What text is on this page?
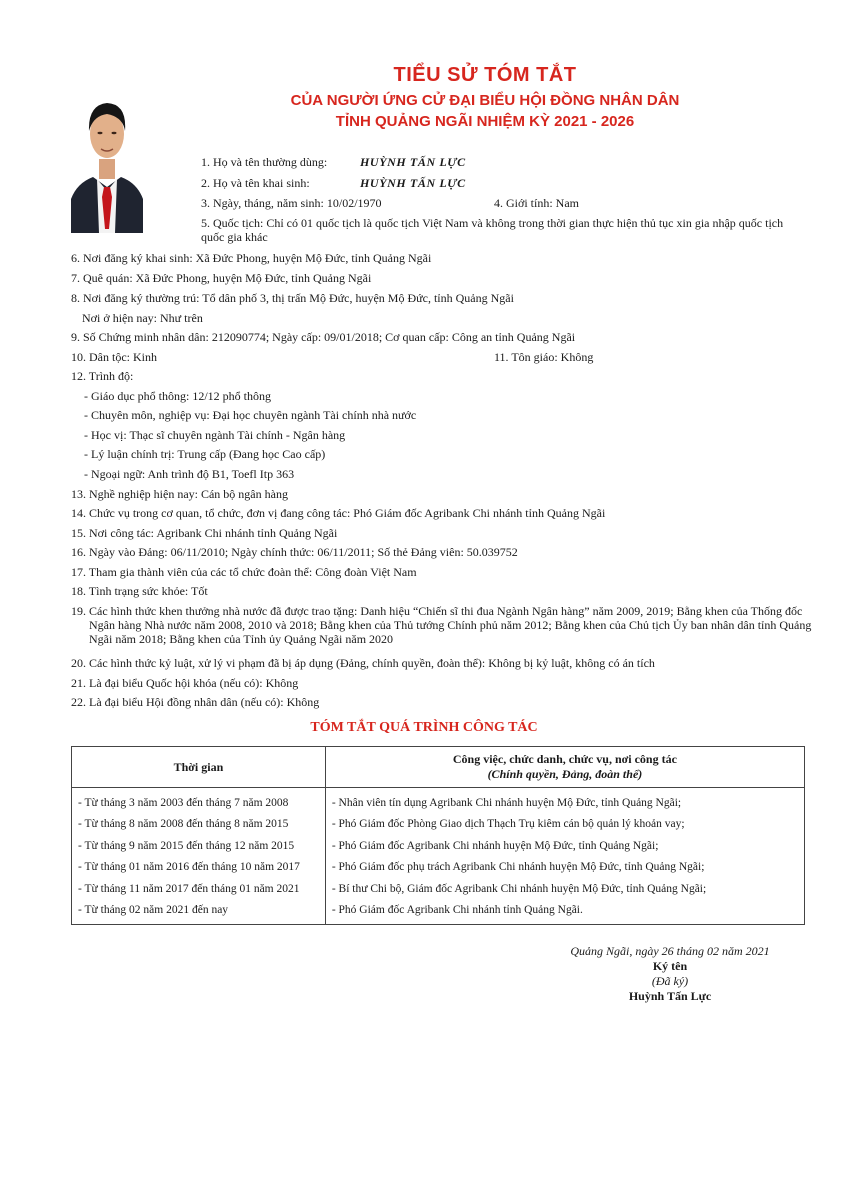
TIỂU SỬ TÓM TẮT
CỦA NGƯỜI ỨNG CỬ ĐẠI BIỂU HỘI ĐỒNG NHÂN DÂN
TỈNH QUẢNG NGÃI NHIỆM KỲ 2021 - 2026
1. Họ và tên thường dùng:	HUỲNH TẤN LỰC
2. Họ và tên khai sinh:	HUỲNH TẤN LỰC
3. Ngày, tháng, năm sinh: 10/02/1970	4. Giới tính: Nam
5. Quốc tịch: Chỉ có 01 quốc tịch là quốc tịch Việt Nam và không trong thời gian thực hiện thủ tục xin gia nhập quốc tịch quốc gia khác
6. Nơi đăng ký khai sinh: Xã Đức Phong, huyện Mộ Đức, tỉnh Quảng Ngãi
7. Quê quán: Xã Đức Phong, huyện Mộ Đức, tỉnh Quảng Ngãi
8. Nơi đăng ký thường trú: Tổ dân phố 3, thị trấn Mộ Đức, huyện Mộ Đức, tỉnh Quảng Ngãi
Nơi ở hiện nay: Như trên
9. Số Chứng minh nhân dân: 212090774; Ngày cấp: 09/01/2018; Cơ quan cấp: Công an tỉnh Quảng Ngãi
10. Dân tộc: Kinh	11. Tôn giáo: Không
12. Trình độ:
- Giáo dục phổ thông: 12/12 phổ thông
- Chuyên môn, nghiệp vụ: Đại học chuyên ngành Tài chính nhà nước
- Học vị: Thạc sĩ chuyên ngành Tài chính - Ngân hàng
- Lý luận chính trị: Trung cấp (Đang học Cao cấp)
- Ngoại ngữ: Anh trình độ B1, Toefl Itp 363
13. Nghề nghiệp hiện nay: Cán bộ ngân hàng
14. Chức vụ trong cơ quan, tổ chức, đơn vị đang công tác: Phó Giám đốc Agribank Chi nhánh tỉnh Quảng Ngãi
15. Nơi công tác: Agribank Chi nhánh tỉnh Quảng Ngãi
16. Ngày vào Đảng: 06/11/2010; Ngày chính thức: 06/11/2011; Số thẻ Đảng viên: 50.039752
17. Tham gia thành viên của các tổ chức đoàn thể: Công đoàn Việt Nam
18. Tình trạng sức khỏe: Tốt
19. Các hình thức khen thưởng nhà nước đã được trao tặng: Danh hiệu “Chiến sĩ thi đua Ngành Ngân hàng” năm 2009, 2019; Bằng khen của Thống đốc Ngân hàng Nhà nước năm 2008, 2010 và 2018; Bằng khen của Thủ tướng Chính phủ năm 2012; Bằng khen của Chủ tịch Ủy ban nhân dân tỉnh Quảng Ngãi năm 2018; Bằng khen của Tỉnh ủy Quảng Ngãi năm 2020
20. Các hình thức kỷ luật, xử lý vi phạm đã bị áp dụng (Đảng, chính quyền, đoàn thể): Không bị kỷ luật, không có án tích
21. Là đại biểu Quốc hội khóa (nếu có): Không
22. Là đại biểu Hội đồng nhân dân (nếu có): Không
TÓM TẮT QUÁ TRÌNH CÔNG TÁC
Thời gian	Công việc, chức danh, chức vụ, nơi công tác
(Chính quyền, Đảng, đoàn thể)

- Từ tháng 3 năm 2003 đến tháng 7 năm 2008	- Nhân viên tín dụng Agribank Chi nhánh huyện Mộ Đức, tỉnh Quảng Ngãi;
- Từ tháng 8 năm 2008 đến tháng 8 năm 2015	- Phó Giám đốc Phòng Giao dịch Thạch Trụ kiêm cán bộ quản lý khoản vay;
- Từ tháng 9 năm 2015 đến tháng 12 năm 2015	- Phó Giám đốc Agribank Chi nhánh huyện Mộ Đức, tỉnh Quảng Ngãi;
- Từ tháng 01 năm 2016 đến tháng 10 năm 2017	- Phó Giám đốc phụ trách Agribank Chi nhánh huyện Mộ Đức, tỉnh Quảng Ngãi;
- Từ tháng 11 năm 2017 đến tháng 01 năm 2021	- Bí thư Chi bộ, Giám đốc Agribank Chi nhánh huyện Mộ Đức, tỉnh Quảng Ngãi;
- Từ tháng 02 năm 2021 đến nay	- Phó Giám đốc Agribank Chi nhánh tỉnh Quảng Ngãi.
Quảng Ngãi, ngày 26 tháng 02 năm 2021
Ký tên
(Đã ký)
Huỳnh Tấn Lực
